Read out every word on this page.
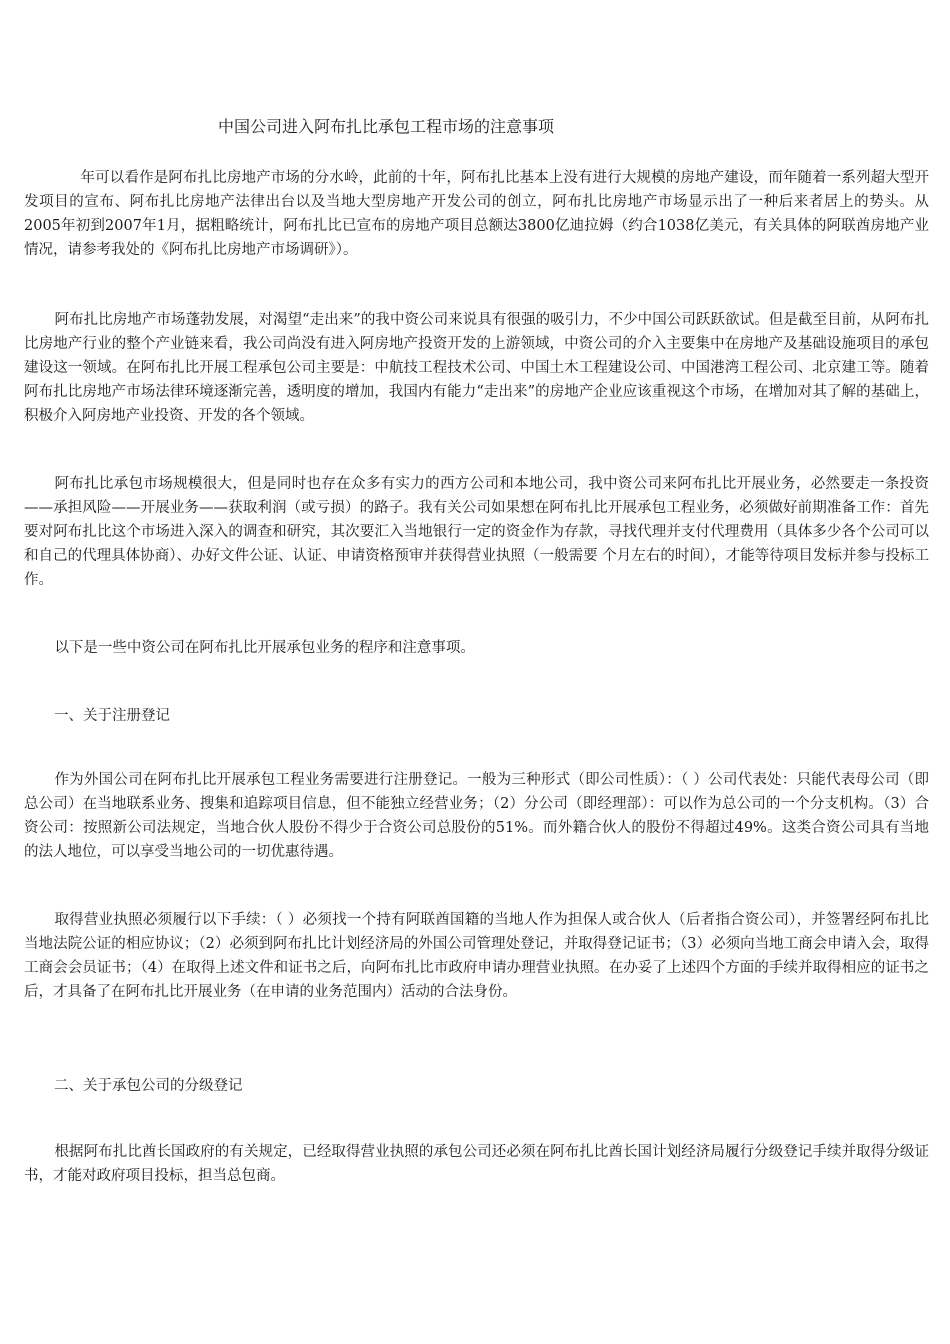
中国公司进入阿布扎比承包工程市场的注意事项

年可以看作是阿布扎比房地产市场的分水岭，此前的十年，阿布扎比基本上没有进行大规模的房地产建设，而年随着一系列超大型开发项目的宣布、阿布扎比房地产法律出台以及当地大型房地产开发公司的创立，阿布扎比房地产市场显示出了一种后来者居上的势头。从2005年初到2007年1月，据粗略统计，阿布扎比已宣布的房地产项目总额达3800亿迪拉姆（约合1038亿美元，有关具体的阿联酋房地产业情况，请参考我处的《阿布扎比房地产市场调研》）。

阿布扎比房地产市场蓬勃发展，对渴望“走出来”的我中资公司来说具有很强的吸引力，不少中国公司跃跃欲试。但是截至目前，从阿布扎比房地产行业的整个产业链来看，我公司尚没有进入阿房地产投资开发的上游领域，中资公司的介入主要集中在房地产及基础设施项目的承包建设这一领域。在阿布扎比开展工程承包公司主要是：中航技工程技术公司、中国土木工程建设公司、中国港湾工程公司、北京建工等。随着阿布扎比房地产市场法律环境逐渐完善，透明度的增加，我国内有能力“走出来”的房地产企业应该重视这个市场，在增加对其了解的基础上，积极介入阿房地产业投资、开发的各个领域。

阿布扎比承包市场规模很大，但是同时也存在众多有实力的西方公司和本地公司，我中资公司来阿布扎比开展业务，必然要走一条投资——承担风险——开展业务——获取利润（或亏损）的路子。我有关公司如果想在阿布扎比开展承包工程业务，必须做好前期准备工作：首先要对阿布扎比这个市场进入深入的调查和研究，其次要汇入当地银行一定的资金作为存款，寻找代理并支付代理费用（具体多少各个公司可以和自己的代理具体协商）、办好文件公证、认证、申请资格预审并获得营业执照（一般需要 个月左右的时间），才能等待项目发标并参与投标工作。

以下是一些中资公司在阿布扎比开展承包业务的程序和注意事项。

一、关于注册登记

作为外国公司在阿布扎比开展承包工程业务需要进行注册登记。一般为三种形式（即公司性质）：（ ）公司代表处：只能代表母公司（即总公司）在当地联系业务、搜集和追踪项目信息，但不能独立经营业务；（2）分公司（即经理部）：可以作为总公司的一个分支机构。（3）合资公司：按照新公司法规定，当地合伙人股份不得少于合资公司总股份的51%。而外籍合伙人的股份不得超过49%。这类合资公司具有当地的法人地位，可以享受当地公司的一切优惠待遇。

取得营业执照必须履行以下手续：（ ）必须找一个持有阿联酋国籍的当地人作为担保人或合伙人（后者指合资公司），并签署经阿布扎比当地法院公证的相应协议；（2）必须到阿布扎比计划经济局的外国公司管理处登记，并取得登记证书；（3）必须向当地工商会申请入会，取得工商会会员证书；（4）在取得上述文件和证书之后，向阿布扎比市政府申请办理营业执照。在办妥了上述四个方面的手续并取得相应的证书之后，才具备了在阿布扎比开展业务（在申请的业务范围内）活动的合法身份。

二、关于承包公司的分级登记

根据阿布扎比酋长国政府的有关规定，已经取得营业执照的承包公司还必须在阿布扎比酋长国计划经济局履行分级登记手续并取得分级证书，才能对政府项目投标，担当总包商。
